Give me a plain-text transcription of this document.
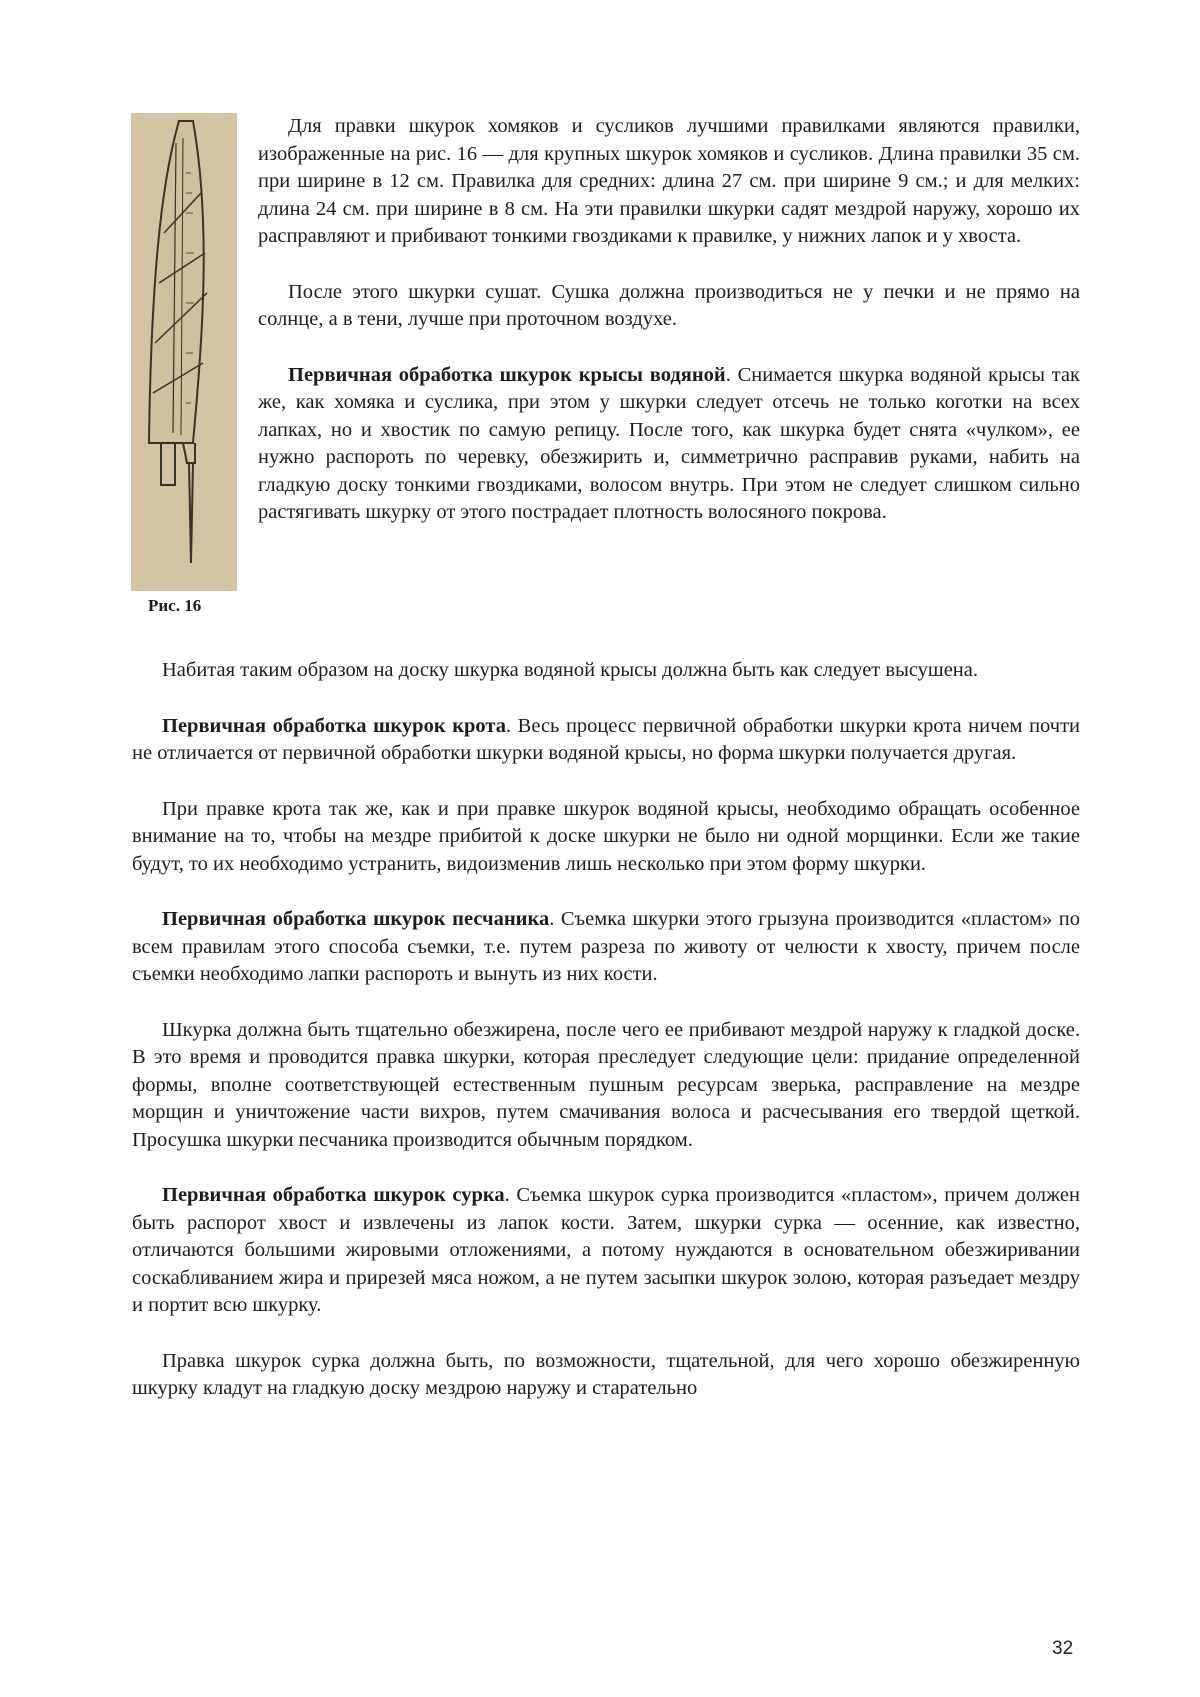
Рис. 16

Для правки шкурок хомяков и сусликов лучшими правилками являются правилки, изображенные на рис. 16 — для крупных шкурок хомяков и сусликов. Длина правилки 35 см. при ширине в 12 см. Правилка для средних: длина 27 см. при ширине 9 см.; и для мелких: длина 24 см. при ширине в 8 см. На эти правилки шкурки садят мездрой наружу, хорошо их расправляют и прибивают тонкими гвоздиками к правилке, у нижних лапок и у хвоста.

После этого шкурки сушат. Сушка должна производиться не у печки и не прямо на солнце, а в тени, лучше при проточном воздухе.

Первичная обработка шкурок крысы водяной. Снимается шкурка водяной крысы так же, как хомяка и суслика, при этом у шкурки следует отсечь не только коготки на всех лапках, но и хвостик по самую репицу. После того, как шкурка будет снята «чулком», ее нужно распороть по черевку, обезжирить и, симметрично расправив руками, набить на гладкую доску тонкими гвоздиками, волосом внутрь. При этом не следует слишком сильно растягивать шкурку от этого пострадает плотность волосяного покрова.

Набитая таким образом на доску шкурка водяной крысы должна быть как следует высушена.

Первичная обработка шкурок крота. Весь процесс первичной обработки шкурки крота ничем почти не отличается от первичной обработки шкурки водяной крысы, но форма шкурки получается другая.

При правке крота так же, как и при правке шкурок водяной крысы, необходимо обращать особенное внимание на то, чтобы на мездре прибитой к доске шкурки не было ни одной морщинки. Если же такие будут, то их необходимо устранить, видоизменив лишь несколько при этом форму шкурки.

Первичная обработка шкурок песчаника. Съемка шкурки этого грызуна производится «пластом» по всем правилам этого способа съемки, т.е. путем разреза по животу от челюсти к хвосту, причем после съемки необходимо лапки распороть и вынуть из них кости.

Шкурка должна быть тщательно обезжирена, после чего ее прибивают мездрой наружу к гладкой доске. В это время и проводится правка шкурки, которая преследует следующие цели: придание определенной формы, вполне соответствующей естественным пушным ресурсам зверька, расправление на мездре морщин и уничтожение части вихров, путем смачивания волоса и расчесывания его твердой щеткой. Просушка шкурки песчаника производится обычным порядком.

Первичная обработка шкурок сурка. Съемка шкурок сурка производится «пластом», причем должен быть распорот хвост и извлечены из лапок кости. Затем, шкурки сурка — осенние, как известно, отличаются большими жировыми отложениями, а потому нуждаются в основательном обезжиривании соскабливанием жира и прирезей мяса ножом, а не путем засыпки шкурок золою, которая разъедает мездру и портит всю шкурку.

Правка шкурок сурка должна быть, по возможности, тщательной, для чего хорошо обезжиренную шкурку кладут на гладкую доску мездрою наружу и старательно

32
